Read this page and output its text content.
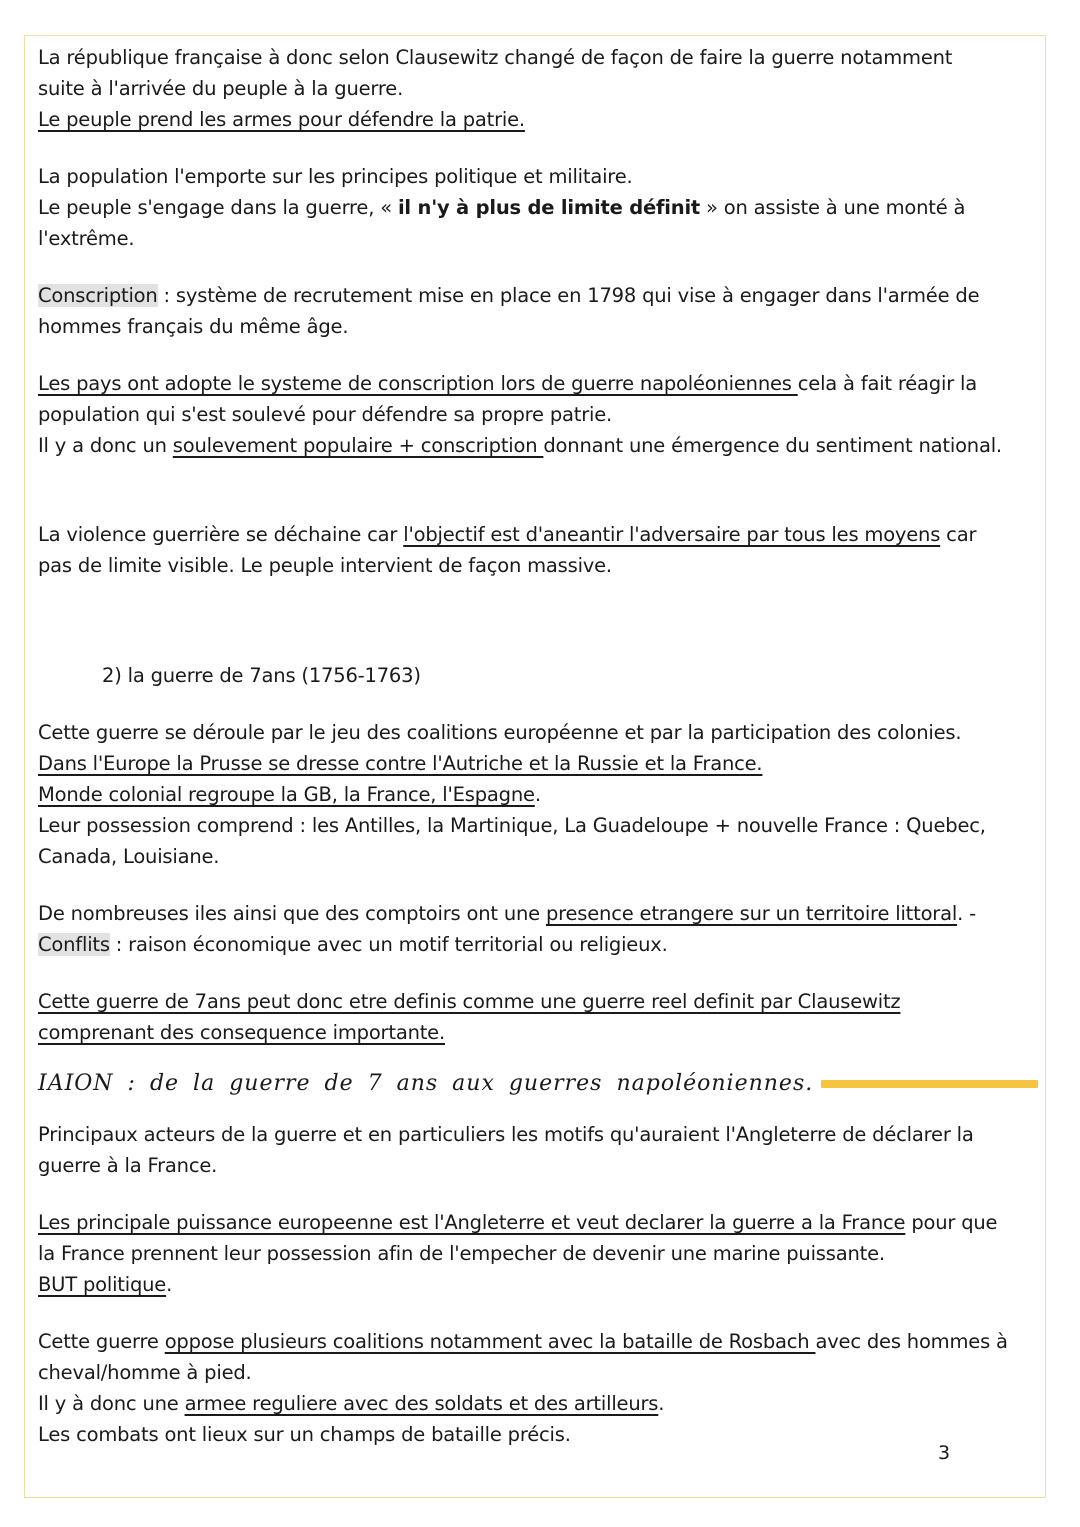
La république française à donc selon Clausewitz changé de façon de faire la guerre notamment

suite à l'arrivée du peuple à la guerre.

Le peuple prend les armes pour défendre la patrie.

La population l'emporte sur les principes politique et militaire.

Le peuple s'engage dans la guerre, « il n'y à plus de limite définit » on assiste à une monté à

l'extrême.

Conscription : système de recrutement mise en place en 1798 qui vise à engager dans l'armée de

hommes français du même âge.

Les pays ont adopte le systeme de conscription lors de guerre napoléoniennes cela à fait réagir la

population qui s'est soulevé pour défendre sa propre patrie.

Il y a donc un soulevement populaire + conscription donnant une émergence du sentiment national.

La violence guerrière se déchaine car l'objectif est d'aneantir l'adversaire par tous les moyens car

pas de limite visible. Le peuple intervient de façon massive.

2) la guerre de 7ans (1756-1763)

Cette guerre se déroule par le jeu des coalitions européenne et par la participation des colonies.

Dans l'Europe la Prusse se dresse contre l'Autriche et la Russie et la France.

Monde colonial regroupe la GB, la France, l'Espagne.

Leur possession comprend : les Antilles, la Martinique, La Guadeloupe + nouvelle France : Quebec,

Canada, Louisiane.

De nombreuses iles ainsi que des comptoirs ont une presence etrangere sur un territoire littoral. -

Conflits : raison économique avec un motif territorial ou religieux.

Cette guerre de 7ans peut donc etre definis comme une guerre reel definit par Clausewitz

comprenant des consequence importante.

IAION : de la guerre de 7 ans aux guerres napoléoniennes.

Principaux acteurs de la guerre et en particuliers les motifs qu'auraient l'Angleterre de déclarer la

guerre à la France.

Les principale puissance europeenne est l'Angleterre et veut declarer la guerre a la France pour que

la France prennent leur possession afin de l'empecher de devenir une marine puissante.

BUT politique.

Cette guerre oppose plusieurs coalitions notamment avec la bataille de Rosbach avec des hommes à

cheval/homme à pied.

Il y à donc une armee reguliere avec des soldats et des artilleurs.

Les combats ont lieux sur un champs de bataille précis.

3
